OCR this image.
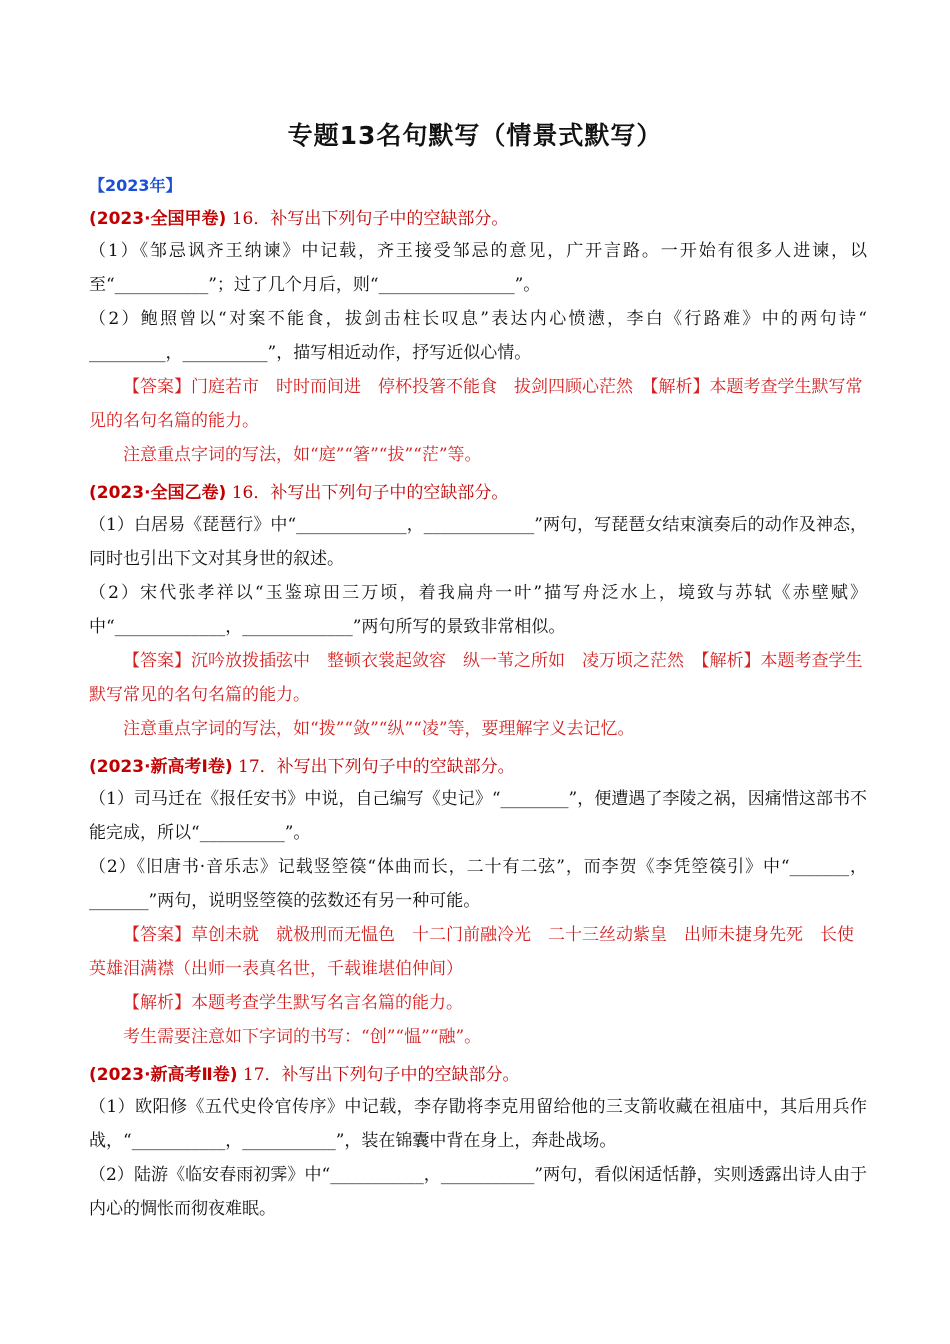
专题13名句默写（情景式默写）
【2023年】
(2023·全国甲卷) 16．补写出下列句子中的空缺部分。

（1）《邹忌讽齐王纳谏》中记载，齐王接受邹忌的意见，广开言路。一开始有很多人进谏，以至“___________”；过了几个月后，则“________________”。

（2）鲍照曾以“对案不能食，拔剑击柱长叹息”表达内心愤懑，李白《行路难》中的两句诗“ _________，__________”，描写相近动作，抒写近似心情。

【答案】门庭若市　时时而间进　停杯投箸不能食　拔剑四顾心茫然　【解析】本题考查学生默写常见的名句名篇的能力。

注意重点字词的写法，如“庭”“箸”“拔”“茫”等。

(2023·全国乙卷) 16．补写出下列句子中的空缺部分。

（1）白居易《琵琶行》中“_____________，_____________”两句，写琵琶女结束演奏后的动作及神态，同时也引出下文对其身世的叙述。

（2）宋代张孝祥以“玉鉴琼田三万顷，着我扁舟一叶”描写舟泛水上，境致与苏轼《赤壁赋》中“_____________，_____________”两句所写的景致非常相似。

【答案】沉吟放拨插弦中　整顿衣裳起敛容　纵一苇之所如　凌万顷之茫然　【解析】本题考查学生默写常见的名句名篇的能力。

注意重点字词的写法，如“拨”“敛”“纵”“凌”等，要理解字义去记忆。

(2023·新高考Ⅰ卷) 17．补写出下列句子中的空缺部分。

（1）司马迁在《报任安书》中说，自己编写《史记》“________”，便遭遇了李陵之祸，因痛惜这部书不能完成，所以“__________”。

（2）《旧唐书·音乐志》记载竖箜篌“体曲而长，二十有二弦”，而李贺《李凭箜篌引》中“_______，_______”两句，说明竖箜篌的弦数还有另一种可能。

【答案】草创未就　就极刑而无愠色　十二门前融冷光　二十三丝动紫皇　出师未捷身先死　长使英雄泪满襟（出师一表真名世，千载谁堪伯仲间）

【解析】本题考查学生默写名言名篇的能力。

考生需要注意如下字词的书写：“创”“愠”“融”。

(2023·新高考Ⅱ卷) 17．补写出下列句子中的空缺部分。

（1）欧阳修《五代史伶官传序》中记载，李存勖将李克用留给他的三支箭收藏在祖庙中，其后用兵作战，“___________，___________”，装在锦囊中背在身上，奔赴战场。

（2）陆游《临安春雨初霁》中“___________，___________”两句，看似闲适恬静，实则透露出诗人由于内心的惆怅而彻夜难眠。
